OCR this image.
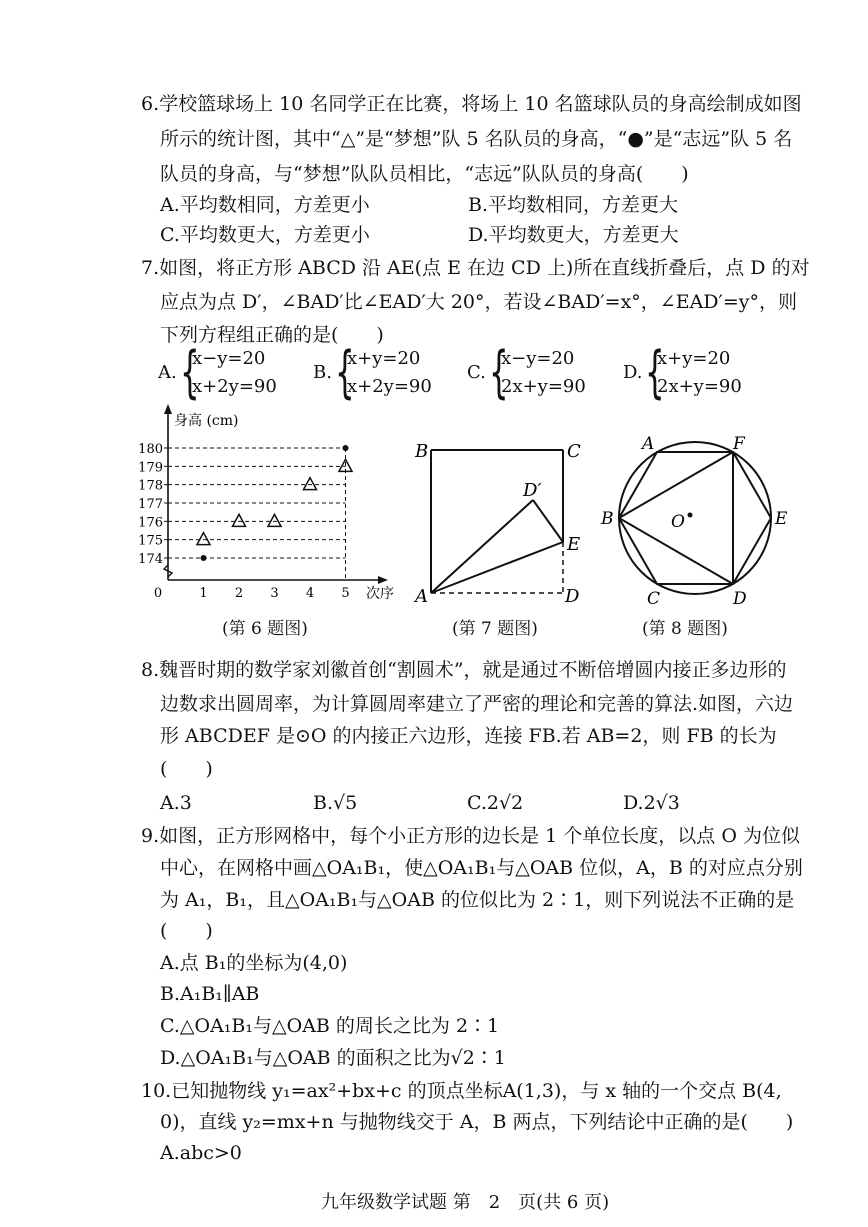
6.学校篮球场上 10 名同学正在比赛，将场上 10 名篮球队员的身高绘制成如图
所示的统计图，其中“△”是“梦想”队 5 名队员的身高，“●”是“志远”队 5 名
队员的身高，与“梦想”队队员相比，“志远”队队员的身高(　　)
A.平均数相同，方差更小	B.平均数相同，方差更大
C.平均数更大，方差更小	D.平均数更大，方差更大
7.如图，将正方形 ABCD 沿 AE(点 E 在边 CD 上)所在直线折叠后，点 D 的对
应点为点 D′，∠BAD′比∠EAD′大 20°，若设∠BAD′=x°，∠EAD′=y°，则
下列方程组正确的是(　　)
A. {
x−y=20
x+2y=90
B. {
x+y=20
x+2y=90
C. {
x−y=20
2x+y=90
D. {
x+y=20
2x+y=90
174
175
176
177
178
179
180
0	1 2 3 4 5
身高 (cm)
次序
B	C
D′
E
A	D
A	F
B	O	E
C	D
(第 6 题图)	(第 7 题图)	(第 8 题图)
8.魏晋时期的数学家刘徽首创“割圆术”，就是通过不断倍增圆内接正多边形的
边数求出圆周率，为计算圆周率建立了严密的理论和完善的算法.如图，六边
形 ABCDEF 是⊙O 的内接正六边形，连接 FB.若 AB=2，则 FB 的长为
(　　)
A.3	B.√5	C.2√2	D.2√3
9.如图，正方形网格中，每个小正方形的边长是 1 个单位长度，以点 O 为位似
中心，在网格中画△OA₁B₁，使△OA₁B₁与△OAB 位似，A，B 的对应点分别
为 A₁，B₁，且△OA₁B₁与△OAB 的位似比为 2∶1，则下列说法不正确的是
(　　)
A.点 B₁的坐标为(4,0)
B.A₁B₁∥AB
C.△OA₁B₁与△OAB 的周长之比为 2∶1
D.△OA₁B₁与△OAB 的面积之比为√2∶1
10.已知抛物线 y₁=ax²+bx+c 的顶点坐标A(1,3)，与 x 轴的一个交点 B(4,
0)，直线 y₂=mx+n 与抛物线交于 A，B 两点，下列结论中正确的是(　　)
A.abc>0
九年级数学试题 第　2　页(共 6 页)
